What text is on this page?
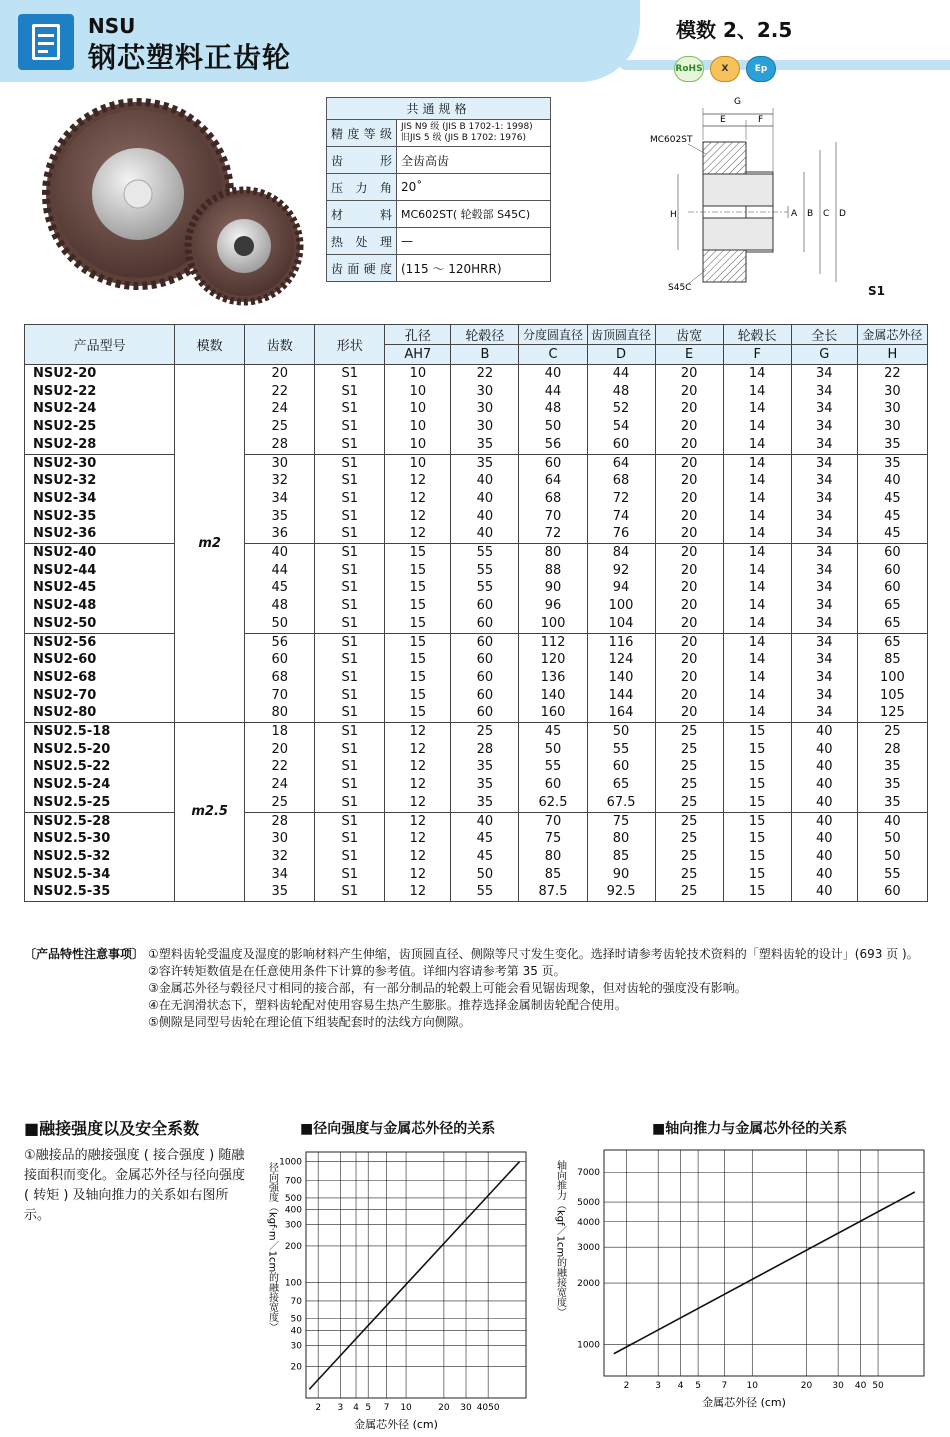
NSU
钢芯塑料正齿轮
模数 2、2.5
RoHS	X	Ep
共通规格	
精度等级	JIS N9 级 (JIS B 1702-1: 1998)
旧JIS 5 级 (JIS B 1702: 1976)
齿形	全齿高齿
压力角	20˚
材料	MC602ST( 轮毂部 S45C)
热处理	—
齿面硬度	(115 ～ 120HRR)
G
E	F
MC602ST
S45C
H	A B C D
S1
产品型号	模数	齿数	形状	孔径	轮毂径	分度圆直径	齿顶圆直径	齿宽	轮毂长	全长	金属芯外径
				AH7	B	C	D	E	F	G	H
NSU2-20	m2	20	S1	10	22	40	44	20	14	34	22
NSU2-22		22	S1	10	30	44	48	20	14	34	30
NSU2-24		24	S1	10	30	48	52	20	14	34	30
NSU2-25		25	S1	10	30	50	54	20	14	34	30
NSU2-28		28	S1	10	35	56	60	20	14	34	35
NSU2-30		30	S1	10	35	60	64	20	14	34	35
NSU2-32		32	S1	12	40	64	68	20	14	34	40
NSU2-34		34	S1	12	40	68	72	20	14	34	45
NSU2-35		35	S1	12	40	70	74	20	14	34	45
NSU2-36		36	S1	12	40	72	76	20	14	34	45
NSU2-40		40	S1	15	55	80	84	20	14	34	60
NSU2-44		44	S1	15	55	88	92	20	14	34	60
NSU2-45		45	S1	15	55	90	94	20	14	34	60
NSU2-48		48	S1	15	60	96	100	20	14	34	65
NSU2-50		50	S1	15	60	100	104	20	14	34	65
NSU2-56		56	S1	15	60	112	116	20	14	34	65
NSU2-60		60	S1	15	60	120	124	20	14	34	85
NSU2-68		68	S1	15	60	136	140	20	14	34	100
NSU2-70		70	S1	15	60	140	144	20	14	34	105
NSU2-80		80	S1	15	60	160	164	20	14	34	125
NSU2.5-18	m2.5	18	S1	12	25	45	50	25	15	40	25
NSU2.5-20		20	S1	12	28	50	55	25	15	40	28
NSU2.5-22		22	S1	12	35	55	60	25	15	40	35
NSU2.5-24		24	S1	12	35	60	65	25	15	40	35
NSU2.5-25		25	S1	12	35	62.5	67.5	25	15	40	35
NSU2.5-28		28	S1	12	40	70	75	25	15	40	40
NSU2.5-30		30	S1	12	45	75	80	25	15	40	50
NSU2.5-32		32	S1	12	45	80	85	25	15	40	50
NSU2.5-34		34	S1	12	50	85	90	25	15	40	55
NSU2.5-35		35	S1	12	55	87.5	92.5	25	15	40	60
〔产品特性注意事项〕 ①塑料齿轮受温度及湿度的影响材料产生伸缩，齿顶圆直径、侧隙等尺寸发生变化。选择时请参考齿轮技术资料的「塑料齿轮的设计」(693 页 )。
②容许转矩数值是在任意使用条件下计算的参考值。详细内容请参考第 35 页。
③金属芯外径与毂径尺寸相同的接合部，有一部分制品的轮毂上可能会看见锯齿现象，但对齿轮的强度没有影响。
④在无润滑状态下，塑料齿轮配对使用容易生热产生膨胀。推荐选择金属制齿轮配合使用。
⑤侧隙是同型号齿轮在理论值下组装配套时的法线方向侧隙。
■融接强度以及安全系数
①融接品的融接强度 ( 接合强度 ) 随融接面积而变化。金属芯外径与径向强度 ( 转矩 ) 及轴向推力的关系如右图所示。
■径向强度与金属芯外径的关系	■轴向推力与金属芯外径的关系
2 3 4 5 7 10	20 30 4050
1000
700
500
400
300
200
100
70
50
40
30
20
金属芯外径 (cm)
径向强度（kgf·m／1cm的融接宽度）
2	3 4 5 7 10	20 30 40 50
7000
5000
4000
3000
2000
1000
金属芯外径 (cm)
轴向推力（kgf／1cm的融接宽度）
